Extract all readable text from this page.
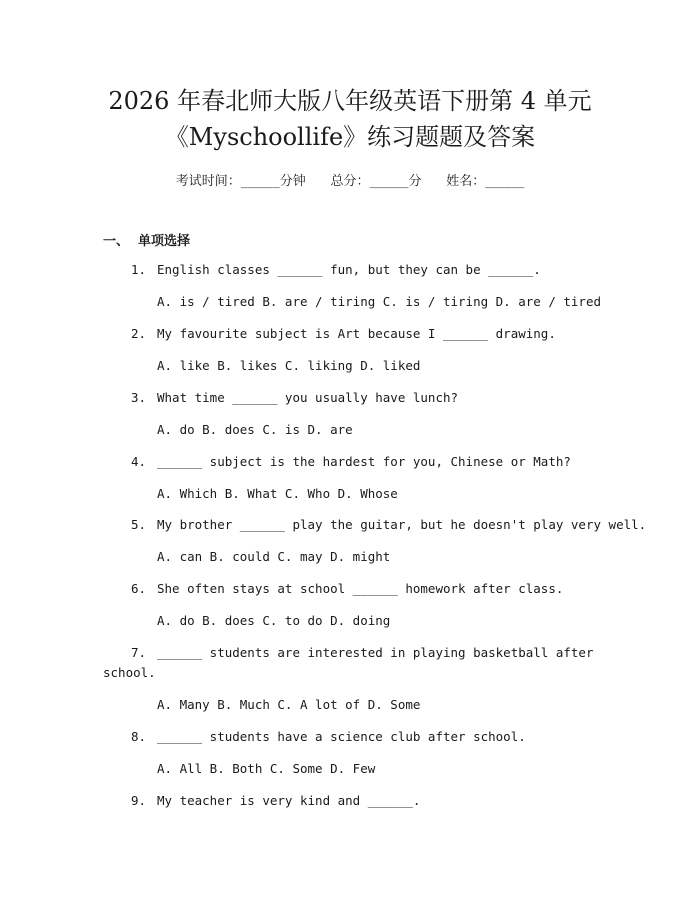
2026 年春北师大版八年级英语下册第 4 单元
《Myschoollife》练习题题及答案
考试时间：______分钟      总分：______分      姓名：______
一、  单项选择
1. English classes ______ fun, but they can be ______.
A. is / tired B. are / tiring C. is / tiring D. are / tired
2. My favourite subject is Art because I ______ drawing.
A. like B. likes C. liking D. liked
3. What time ______ you usually have lunch?
A. do B. does C. is D. are
4. ______ subject is the hardest for you, Chinese or Math?
A. Which B. What C. Who D. Whose
5. My brother ______ play the guitar, but he doesn't play very well.
A. can B. could C. may D. might
6. She often stays at school ______ homework after class.
A. do B. does C. to do D. doing
7. ______ students are interested in playing basketball after
school.
A. Many B. Much C. A lot of D. Some
8. ______ students have a science club after school.
A. All B. Both C. Some D. Few
9. My teacher is very kind and ______.
